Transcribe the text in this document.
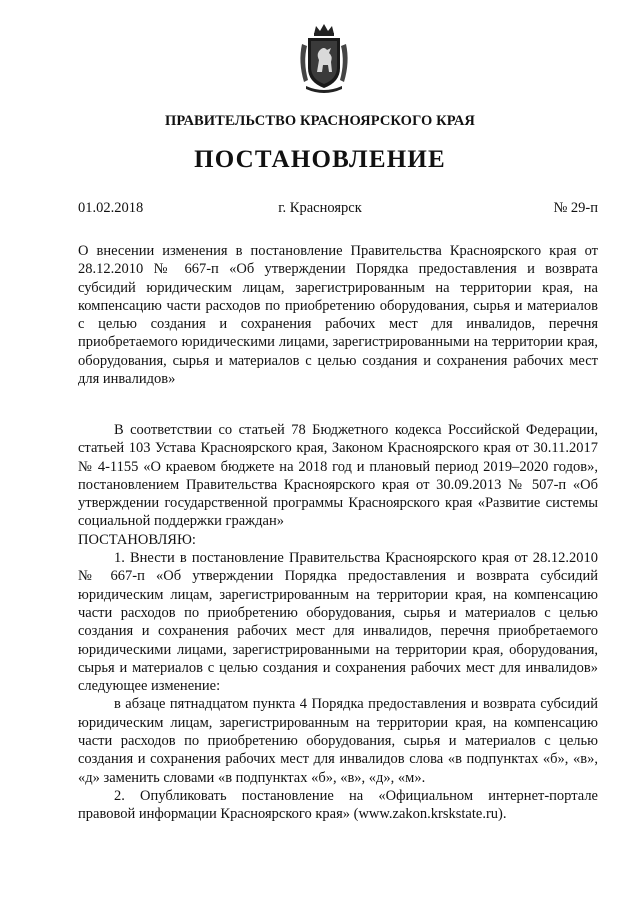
ПРАВИТЕЛЬСТВО КРАСНОЯРСКОГО КРАЯ
ПОСТАНОВЛЕНИЕ
01.02.2018	г. Красноярск	№ 29-п

О внесении изменения в постановление Правительства Красноярского края от 28.12.2010 № 667-п «Об утверждении Порядка предоставления и возврата субсидий юридическим лицам, зарегистрированным на территории края, на компенсацию части расходов по приобретению оборудования, сырья и материалов с целью создания и сохранения рабочих мест для инвалидов, перечня приобретаемого юридическими лицами, зарегистрированными на территории края, оборудования, сырья и материалов с целью создания и сохранения рабочих мест для инвалидов»

В соответствии со статьей 78 Бюджетного кодекса Российской Федерации, статьей 103 Устава Красноярского края, Законом Красноярского края от 30.11.2017 № 4-1155 «О краевом бюджете на 2018 год и плановый период 2019–2020 годов», постановлением Правительства Красноярского края от 30.09.2013 № 507-п «Об утверждении государственной программы Красноярского края «Развитие системы социальной поддержки граждан»

ПОСТАНОВЛЯЮ:

1. Внести в постановление Правительства Красноярского края от 28.12.2010 № 667-п «Об утверждении Порядка предоставления и возврата субсидий юридическим лицам, зарегистрированным на территории края, на компенсацию части расходов по приобретению оборудования, сырья и материалов с целью создания и сохранения рабочих мест для инвалидов, перечня приобретаемого юридическими лицами, зарегистрированными на территории края, оборудования, сырья и материалов с целью создания и сохранения рабочих мест для инвалидов» следующее изменение:

в абзаце пятнадцатом пункта 4 Порядка предоставления и возврата субсидий юридическим лицам, зарегистрированным на территории края, на компенсацию части расходов по приобретению оборудования, сырья и материалов с целью создания и сохранения рабочих мест для инвалидов слова «в подпунктах «б», «в», «д» заменить словами «в подпунктах «б», «в», «д», «м».

2. Опубликовать постановление на «Официальном интернет-портале правовой информации Красноярского края» (www.zakon.krskstate.ru).
